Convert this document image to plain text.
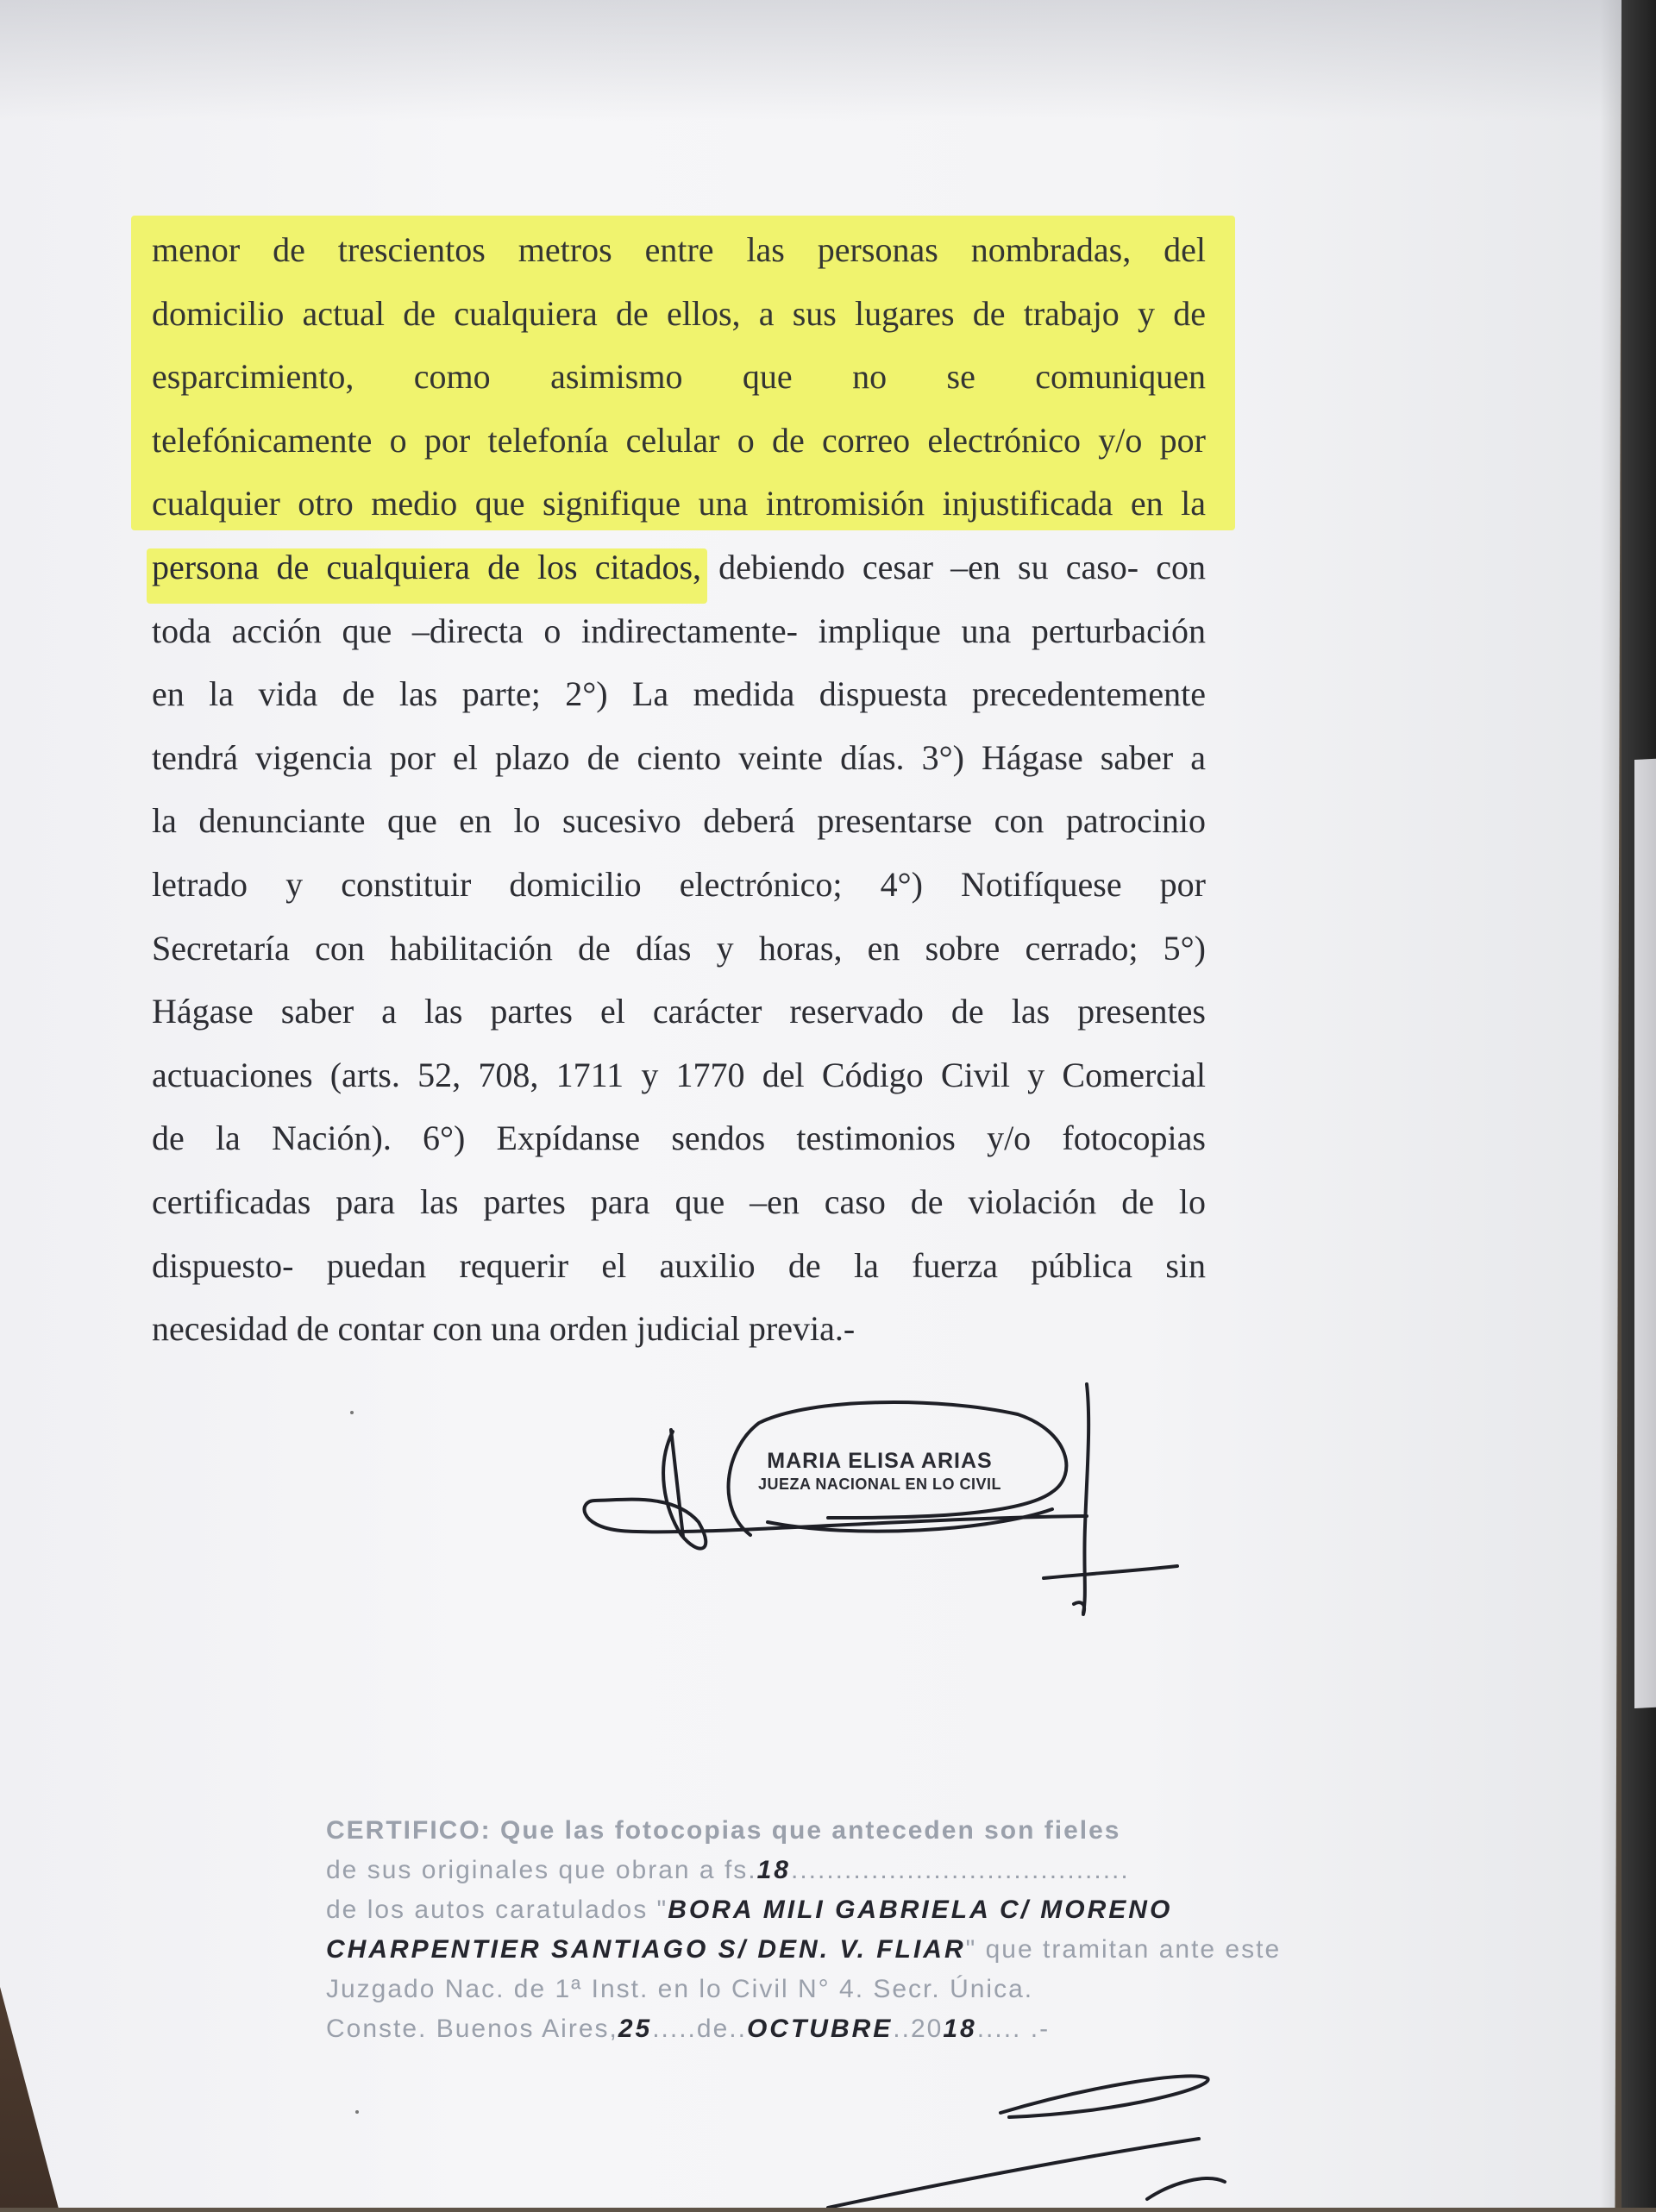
menor de trescientos metros entre las personas nombradas, del
domicilio actual de cualquiera de ellos, a sus lugares de trabajo y de
esparcimiento, como asimismo que no se comuniquen
telefónicamente o por telefonía celular o de correo electrónico y/o por
cualquier otro medio que signifique una intromisión injustificada en la
persona de cualquiera de los citados, debiendo cesar –en su caso- con
toda acción que –directa o indirectamente- implique una perturbación
en la vida de las parte; 2°) La medida dispuesta precedentemente
tendrá vigencia por el plazo de ciento veinte días. 3°) Hágase saber a
la denunciante que en lo sucesivo deberá presentarse con patrocinio
letrado y constituir domicilio electrónico; 4°) Notifíquese por
Secretaría con habilitación de días y horas, en sobre cerrado; 5°)
Hágase saber a las partes el carácter reservado de las presentes
actuaciones (arts. 52, 708, 1711 y 1770 del Código Civil y Comercial
de la Nación). 6°) Expídanse sendos testimonios y/o fotocopias
certificadas para las partes para que –en caso de violación de lo
dispuesto- puedan requerir el auxilio de la fuerza pública sin
necesidad de contar con una orden judicial previa.-

MARIA ELISA ARIAS
JUEZA NACIONAL EN LO CIVIL
CERTIFICO: Que las fotocopias que anteceden son fieles
de sus originales que obran a fs.18......................................
de los autos caratulados "BORA MILI GABRIELA C/ MORENO
CHARPENTIER SANTIAGO S/ DEN. V. FLIAR" que tramitan ante este
Juzgado Nac. de 1ª Inst. en lo Civil N° 4. Secr. Única.
Conste. Buenos Aires,25.....de..OCTUBRE..2018..... .-
